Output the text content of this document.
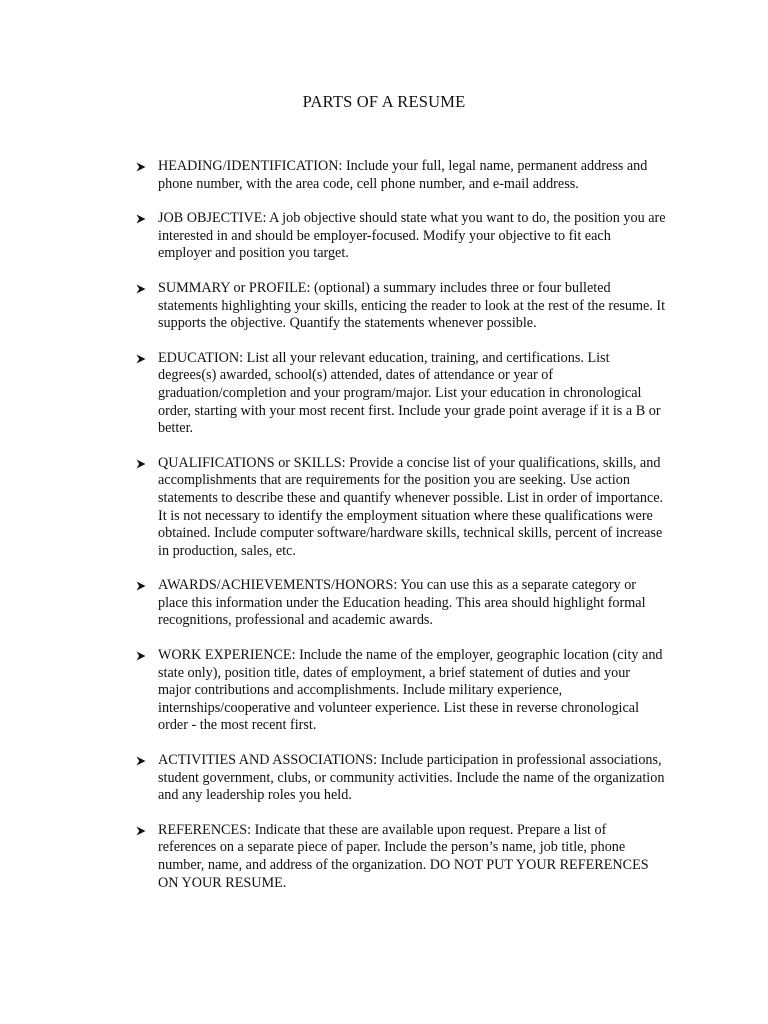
PARTS OF A RESUME
HEADING/IDENTIFICATION: Include your full, legal name, permanent address and phone number, with the area code, cell phone number, and e-mail address.
JOB OBJECTIVE: A job objective should state what you want to do, the position you are interested in and should be employer-focused. Modify your objective to fit each employer and position you target.
SUMMARY or PROFILE: (optional) a summary includes three or four bulleted statements highlighting your skills, enticing the reader to look at the rest of the resume. It supports the objective. Quantify the statements whenever possible.
EDUCATION: List all your relevant education, training, and certifications. List degrees(s) awarded, school(s) attended, dates of attendance or year of graduation/completion and your program/major. List your education in chronological order, starting with your most recent first. Include your grade point average if it is a B or better.
QUALIFICATIONS or SKILLS: Provide a concise list of your qualifications, skills, and accomplishments that are requirements for the position you are seeking. Use action statements to describe these and quantify whenever possible. List in order of importance. It is not necessary to identify the employment situation where these qualifications were obtained. Include computer software/hardware skills, technical skills, percent of increase in production, sales, etc.
AWARDS/ACHIEVEMENTS/HONORS: You can use this as a separate category or place this information under the Education heading. This area should highlight formal recognitions, professional and academic awards.
WORK EXPERIENCE: Include the name of the employer, geographic location (city and state only), position title, dates of employment, a brief statement of duties and your major contributions and accomplishments. Include military experience, internships/cooperative and volunteer experience. List these in reverse chronological order - the most recent first.
ACTIVITIES AND ASSOCIATIONS: Include participation in professional associations, student government, clubs, or community activities. Include the name of the organization and any leadership roles you held.
REFERENCES: Indicate that these are available upon request. Prepare a list of references on a separate piece of paper. Include the person’s name, job title, phone number, name, and address of the organization. DO NOT PUT YOUR REFERENCES ON YOUR RESUME.
